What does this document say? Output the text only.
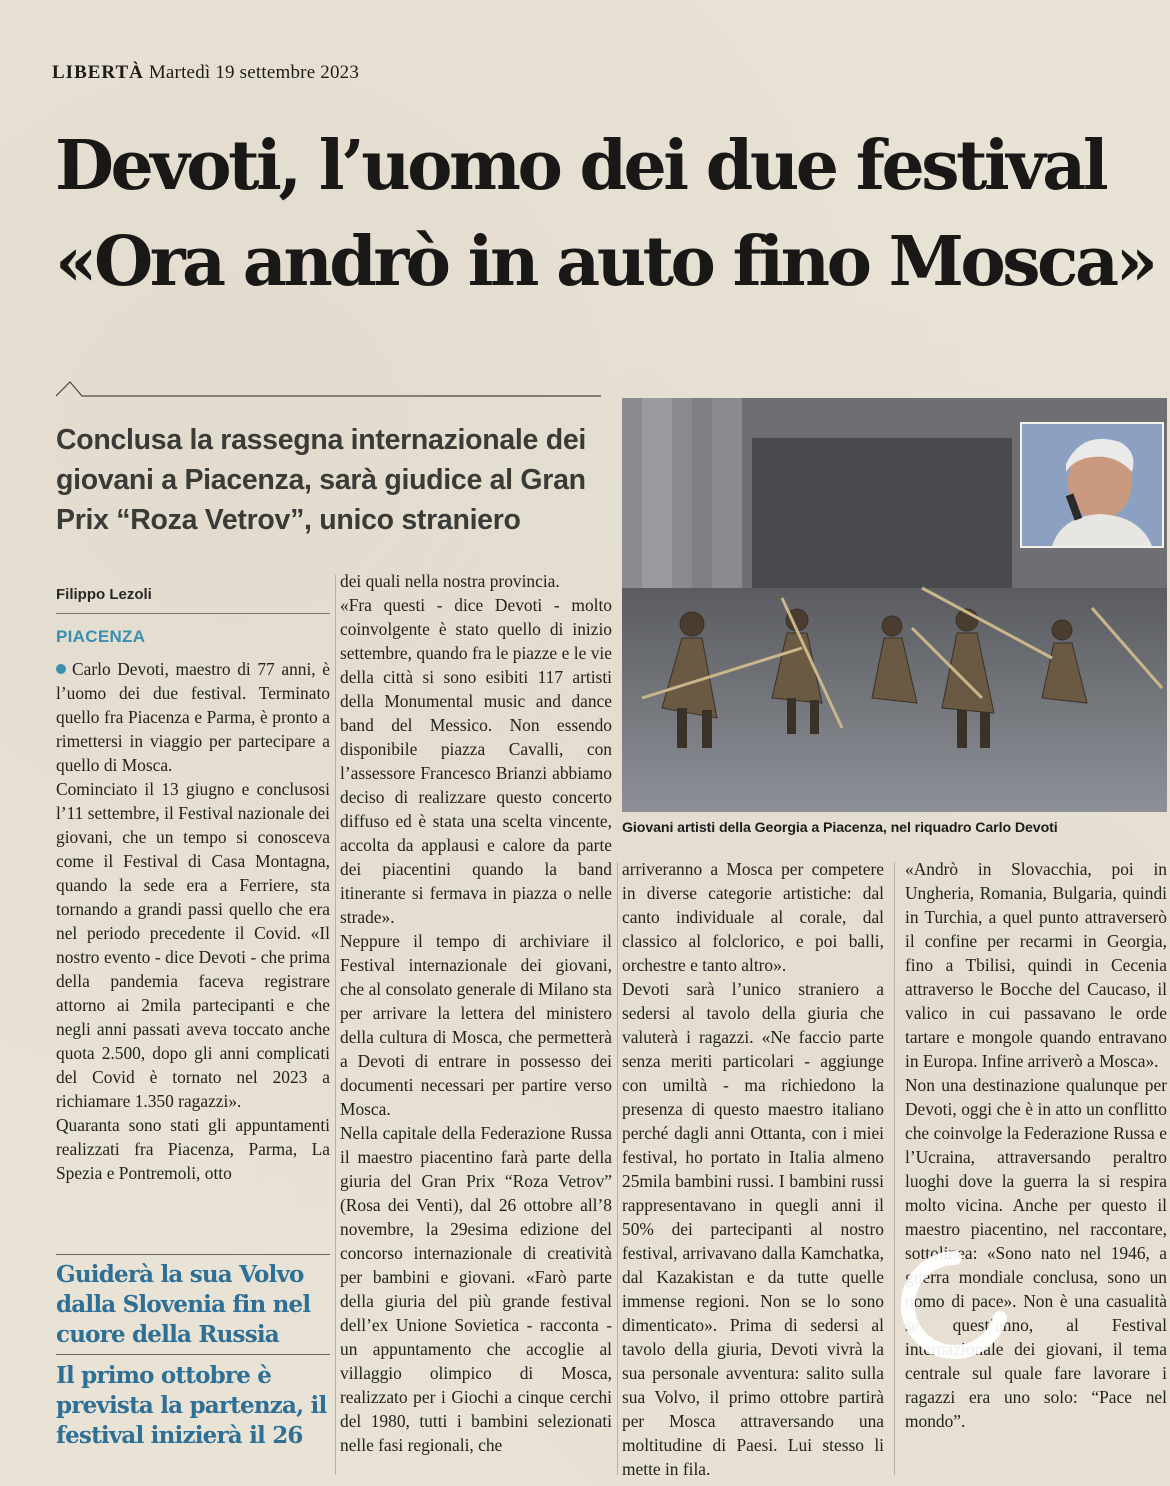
LIBERTÀ Martedì 19 settembre 2023
Devoti, l’uomo dei due festival
«Ora andrò in auto fino Mosca»
Conclusa la rassegna internazionale dei giovani a Piacenza, sarà giudice al Gran Prix “Roza Vetrov”, unico straniero
Filippo Lezoli
PIACENZA

Carlo Devoti, maestro di 77 anni, è l’uomo dei due festival. Terminato quello fra Piacenza e Parma, è pronto a rimettersi in viaggio per partecipare a quello di Mosca.

Cominciato il 13 giugno e conclusosi l’11 settembre, il Festival nazionale dei giovani, che un tempo si conosceva come il Festival di Casa Montagna, quando la sede era a Ferriere, sta tornando a grandi passi quello che era nel periodo precedente il Covid. «Il nostro evento - dice Devoti - che prima della pandemia faceva registrare attorno ai 2mila partecipanti e che negli anni passati aveva toccato anche quota 2.500, dopo gli anni complicati del Covid è tornato nel 2023 a richiamare 1.350 ragazzi».

Quaranta sono stati gli appuntamenti realizzati fra Piacenza, Parma, La Spezia e Pontremoli, otto

Guiderà la sua Volvo dalla Slovenia fin nel cuore della Russia
Il primo ottobre è prevista la partenza, il festival inizierà il 26

dei quali nella nostra provincia.

«Fra questi - dice Devoti - molto coinvolgente è stato quello di inizio settembre, quando fra le piazze e le vie della città si sono esibiti 117 artisti della Monumental music and dance band del Messico. Non essendo disponibile piazza Cavalli, con l’assessore Francesco Brianzi abbiamo deciso di realizzare questo concerto diffuso ed è stata una scelta vincente, accolta da applausi e calore da parte dei piacentini quando la band itinerante si fermava in piazza o nelle strade».

Neppure il tempo di archiviare il Festival internazionale dei giovani, che al consolato generale di Milano sta per arrivare la lettera del ministero della cultura di Mosca, che permetterà a Devoti di entrare in possesso dei documenti necessari per partire verso Mosca.

Nella capitale della Federazione Russa il maestro piacentino farà parte della giuria del Gran Prix “Roza Vetrov” (Rosa dei Venti), dal 26 ottobre all’8 novembre, la 29esima edizione del concorso internazionale di creatività per bambini e giovani. «Farò parte della giuria del più grande festival dell’ex Unione Sovietica - racconta - un appuntamento che accoglie al villaggio olimpico di Mosca, realizzato per i Giochi a cinque cerchi del 1980, tutti i bambini selezionati nelle fasi regionali, che

Giovani artisti della Georgia a Piacenza, nel riquadro Carlo Devoti

arriveranno a Mosca per competere in diverse categorie artistiche: dal canto individuale al corale, dal classico al folclorico, e poi balli, orchestre e tanto altro».

Devoti sarà l’unico straniero a sedersi al tavolo della giuria che valuterà i ragazzi. «Ne faccio parte senza meriti particolari - aggiunge con umiltà - ma richiedono la presenza di questo maestro italiano perché dagli anni Ottanta, con i miei festival, ho portato in Italia almeno 25mila bambini russi. I bambini russi rappresentavano in quegli anni il 50% dei partecipanti al nostro festival, arrivavano dalla Kamchatka, dal Kazakistan e da tutte quelle immense regioni. Non se lo sono dimenticato». Prima di sedersi al tavolo della giuria, Devoti vivrà la sua personale avventura: salito sulla sua Volvo, il primo ottobre partirà per Mosca attraversando una moltitudine di Paesi. Lui stesso li mette in fila.

«Andrò in Slovacchia, poi in Ungheria, Romania, Bulgaria, quindi in Turchia, a quel punto attraverserò il confine per recarmi in Georgia, fino a Tbilisi, quindi in Cecenia attraverso le Bocche del Caucaso, il valico in cui passavano le orde tartare e mongole quando entravano in Europa. Infine arriverò a Mosca».

Non una destinazione qualunque per Devoti, oggi che è in atto un conflitto che coinvolge la Federazione Russa e l’Ucraina, attraversando peraltro luoghi dove la guerra la si respira molto vicina. Anche per questo il maestro piacentino, nel raccontare, sottolinea: «Sono nato nel 1946, a guerra mondiale conclusa, sono un uomo di pace». Non è una casualità se quest’anno, al Festival internazionale dei giovani, il tema centrale sul quale fare lavorare i ragazzi era uno solo: “Pace nel mondo”.
